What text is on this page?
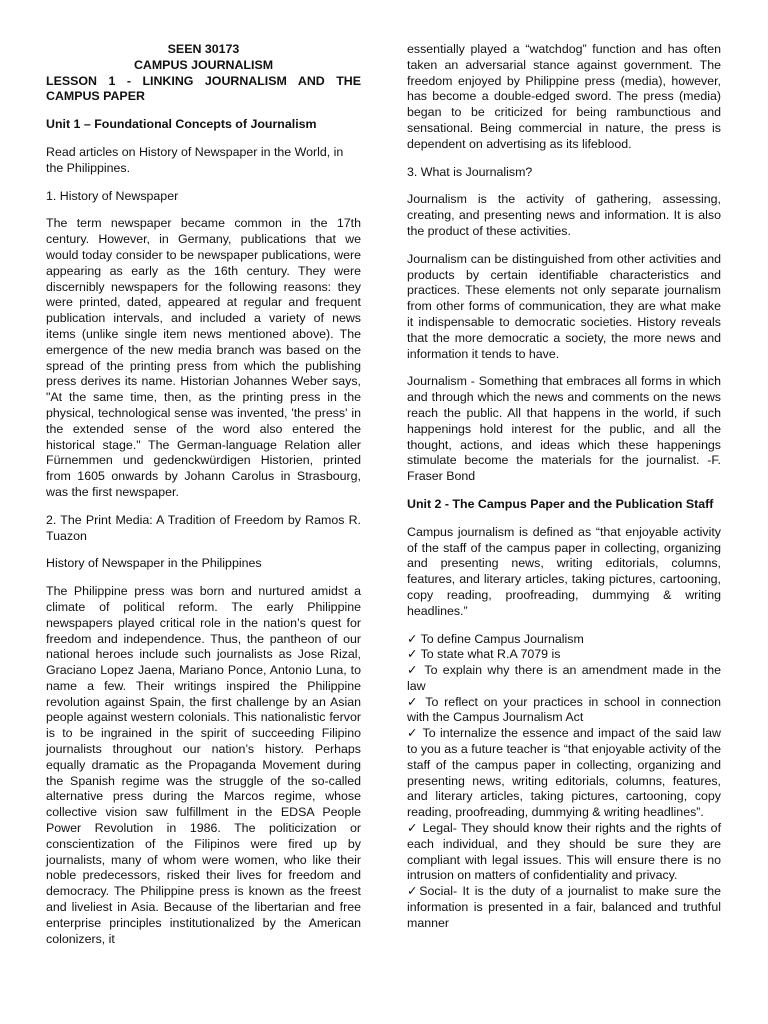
SEEN 30173
CAMPUS JOURNALISM
LESSON 1 - LINKING JOURNALISM AND THE CAMPUS PAPER
Unit 1 – Foundational Concepts of Journalism

Read articles on History of Newspaper in the World, in the Philippines.

1. History of Newspaper

The term newspaper became common in the 17th century. However, in Germany, publications that we would today consider to be newspaper publications, were appearing as early as the 16th century. They were discernibly newspapers for the following reasons: they were printed, dated, appeared at regular and frequent publication intervals, and included a variety of news items (unlike single item news mentioned above). The emergence of the new media branch was based on the spread of the printing press from which the publishing press derives its name. Historian Johannes Weber says, "At the same time, then, as the printing press in the physical, technological sense was invented, 'the press' in the extended sense of the word also entered the historical stage." The German-language Relation aller Fürnemmen und gedenckwürdigen Historien, printed from 1605 onwards by Johann Carolus in Strasbourg, was the first newspaper.

2. The Print Media: A Tradition of Freedom by Ramos R. Tuazon

History of Newspaper in the Philippines

The Philippine press was born and nurtured amidst a climate of political reform. The early Philippine newspapers played critical role in the nation’s quest for freedom and independence. Thus, the pantheon of our national heroes include such journalists as Jose Rizal, Graciano Lopez Jaena, Mariano Ponce, Antonio Luna, to name a few. Their writings inspired the Philippine revolution against Spain, the first challenge by an Asian people against western colonials. This nationalistic fervor is to be ingrained in the spirit of succeeding Filipino journalists throughout our nation’s history. Perhaps equally dramatic as the Propaganda Movement during the Spanish regime was the struggle of the so-called alternative press during the Marcos regime, whose collective vision saw fulfillment in the EDSA People Power Revolution in 1986. The politicization or conscientization of the Filipinos were fired up by journalists, many of whom were women, who like their noble predecessors, risked their lives for freedom and democracy. The Philippine press is known as the freest and liveliest in Asia. Because of the libertarian and free enterprise principles institutionalized by the American colonizers, it

essentially played a “watchdog” function and has often taken an adversarial stance against government. The freedom enjoyed by Philippine press (media), however, has become a double-edged sword. The press (media) began to be criticized for being rambunctious and sensational. Being commercial in nature, the press is dependent on advertising as its lifeblood.

3. What is Journalism?

Journalism is the activity of gathering, assessing, creating, and presenting news and information. It is also the product of these activities.

Journalism can be distinguished from other activities and products by certain identifiable characteristics and practices. These elements not only separate journalism from other forms of communication, they are what make it indispensable to democratic societies. History reveals that the more democratic a society, the more news and information it tends to have.

Journalism - Something that embraces all forms in which and through which the news and comments on the news reach the public. All that happens in the world, if such happenings hold interest for the public, and all the thought, actions, and ideas which these happenings stimulate become the materials for the journalist. -F. Fraser Bond

Unit 2 - The Campus Paper and the Publication Staff

Campus journalism is defined as “that enjoyable activity of the staff of the campus paper in collecting, organizing and presenting news, writing editorials, columns, features, and literary articles, taking pictures, cartooning, copy reading, proofreading, dummying & writing headlines.”

✓ To define Campus Journalism
✓ To state what R.A 7079 is
✓ To explain why there is an amendment made in the law
✓ To reflect on your practices in school in connection with the Campus Journalism Act
✓ To internalize the essence and impact of the said law to you as a future teacher is “that enjoyable activity of the staff of the campus paper in collecting, organizing and presenting news, writing editorials, columns, features, and literary articles, taking pictures, cartooning, copy reading, proofreading, dummying & writing headlines”.
✓ Legal- They should know their rights and the rights of each individual, and they should be sure they are compliant with legal issues. This will ensure there is no intrusion on matters of confidentiality and privacy.
✓Social- It is the duty of a journalist to make sure the information is presented in a fair, balanced and truthful manner
